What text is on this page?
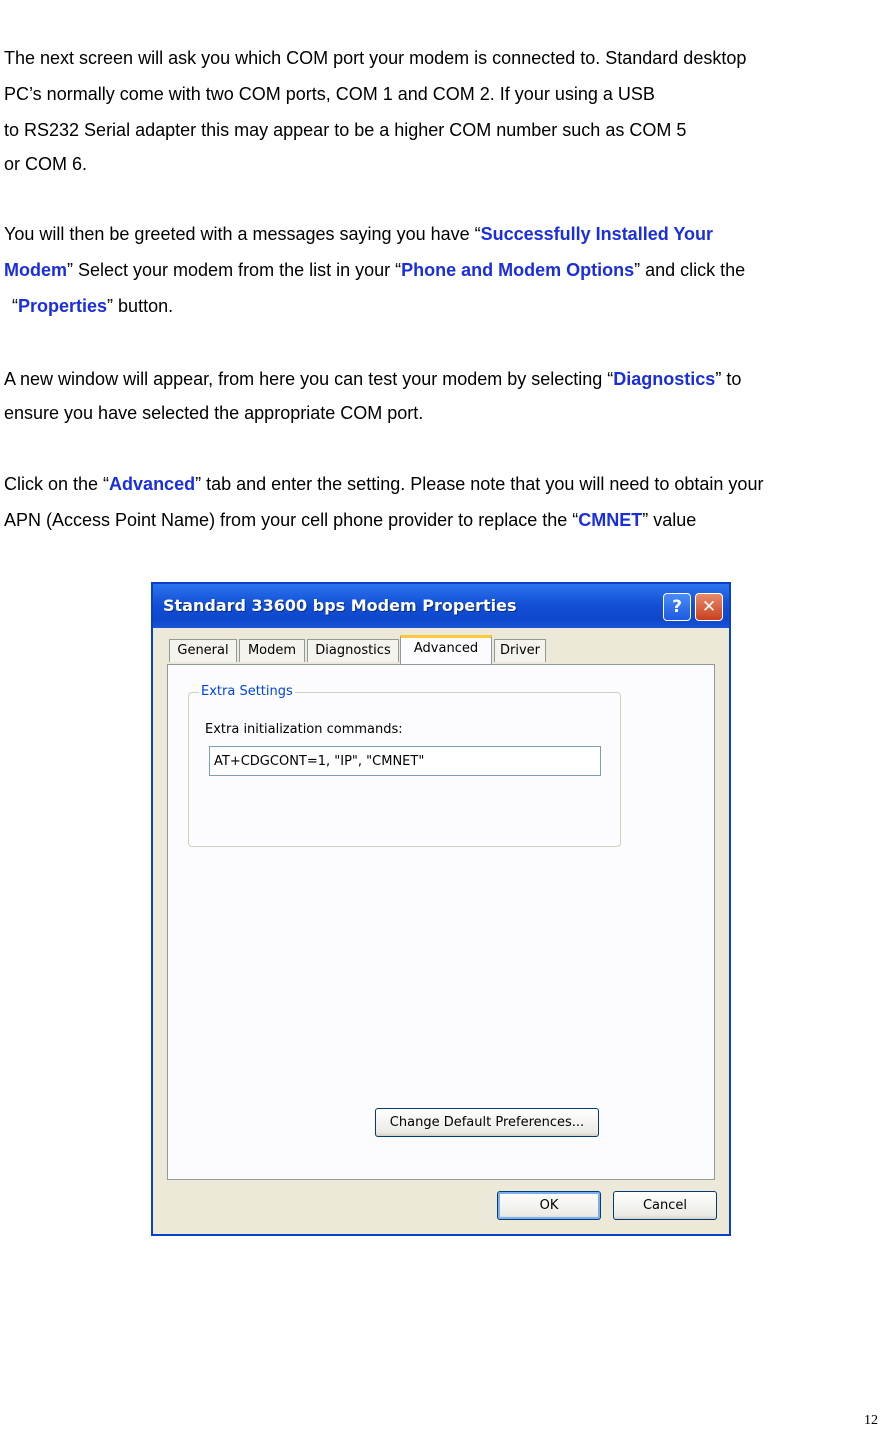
The next screen will ask you which COM port your modem is connected to. Standard desktop
PC’s normally come with two COM ports, COM 1 and COM 2. If your using a USB
to RS232 Serial adapter this may appear to be a higher COM number such as COM 5
or COM 6.
You will then be greeted with a messages saying you have “Successfully Installed Your
Modem” Select your modem from the list in your “Phone and Modem Options” and click the
“Properties” button.
A new window will appear, from here you can test your modem by selecting “Diagnostics” to
ensure you have selected the appropriate COM port.
Click on the “Advanced” tab and enter the setting. Please note that you will need to obtain your
APN (Access Point Name) from your cell phone provider to replace the “CMNET” value
Standard 33600 bps Modem Properties	?	✕
General	Modem	Diagnostics	Advanced	Driver
Extra Settings
Extra initialization commands:
AT+CDGCONT=1, "IP", "CMNET"
Change Default Preferences...
OK	Cancel
12
